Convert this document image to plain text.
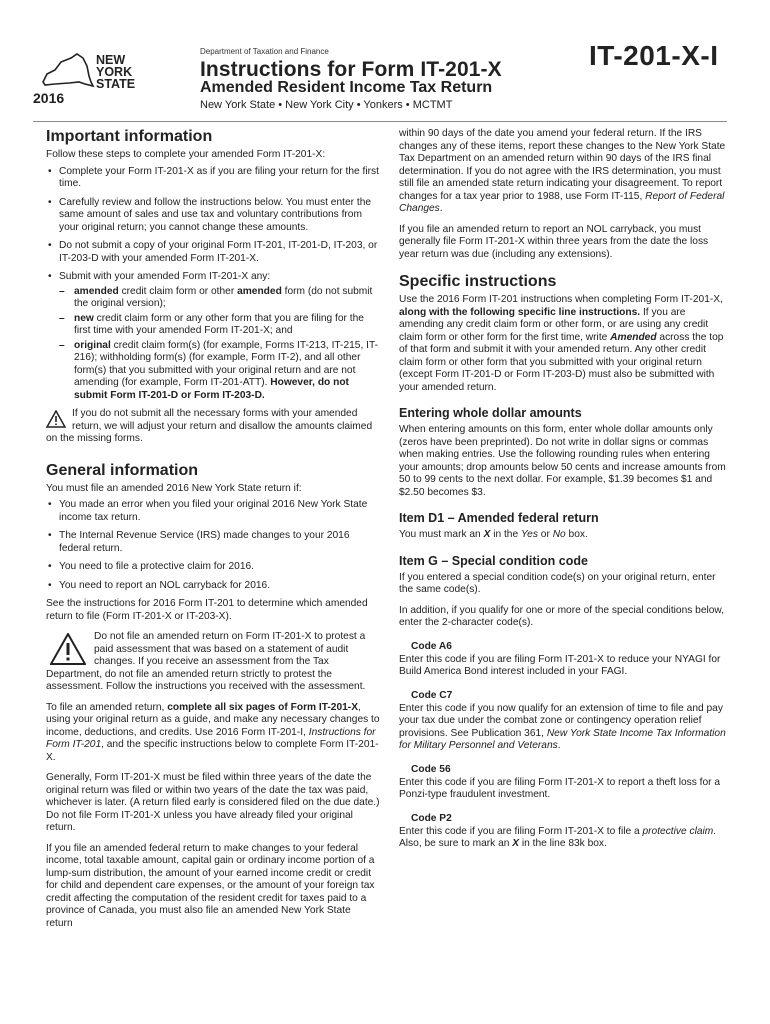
NEW
YORK
STATE
2016
Department of Taxation and Finance
Instructions for Form IT-201-X
Amended Resident Income Tax Return
New York State • New York City • Yonkers • MCTMT
IT-201-X-I
Important information

Follow these steps to complete your amended Form IT-201-X:

• Complete your Form IT-201-X as if you are filing your return for the first time.
• Carefully review and follow the instructions below. You must enter the same amount of sales and use tax and voluntary contributions from your original return; you cannot change these amounts.
• Do not submit a copy of your original Form IT-201, IT-201-D, IT-203, or IT-203-D with your amended Form IT-201-X.
• Submit with your amended Form IT-201-X any:
– amended credit claim form or other amended form (do not submit the original version);
– new credit claim form or any other form that you are filing for the first time with your amended Form IT-201-X; and
– original credit claim form(s) (for example, Forms IT-213, IT-215, IT-216); withholding form(s) (for example, Form IT-2), and all other form(s) that you submitted with your original return and are not amending (for example, Form IT-201-ATT). However, do not submit Form IT-201-D or Form IT-203-D.

If you do not submit all the necessary forms with your amended return, we will adjust your return and disallow the amounts claimed on the missing forms.

General information

You must file an amended 2016 New York State return if:

• You made an error when you filed your original 2016 New York State income tax return.
• The Internal Revenue Service (IRS) made changes to your 2016 federal return.
• You need to file a protective claim for 2016.
• You need to report an NOL carryback for 2016.

See the instructions for 2016 Form IT-201 to determine which amended return to file (Form IT-201-X or IT-203-X).

Do not file an amended return on Form IT-201-X to protest a paid assessment that was based on a statement of audit changes. If you receive an assessment from the Tax Department, do not file an amended return strictly to protest the assessment. Follow the instructions you received with the assessment.

To file an amended return, complete all six pages of Form IT-201-X, using your original return as a guide, and make any necessary changes to income, deductions, and credits. Use 2016 Form IT-201-I, Instructions for Form IT-201, and the specific instructions below to complete Form IT-201-X.

Generally, Form IT-201-X must be filed within three years of the date the original return was filed or within two years of the date the tax was paid, whichever is later. (A return filed early is considered filed on the due date.) Do not file Form IT-201-X unless you have already filed your original return.

If you file an amended federal return to make changes to your federal income, total taxable amount, capital gain or ordinary income portion of a lump-sum distribution, the amount of your earned income credit or credit for child and dependent care expenses, or the amount of your foreign tax credit affecting the computation of the resident credit for taxes paid to a province of Canada, you must also file an amended New York State return

within 90 days of the date you amend your federal return. If the IRS changes any of these items, report these changes to the New York State Tax Department on an amended return within 90 days of the IRS final determination. If you do not agree with the IRS determination, you must still file an amended state return indicating your disagreement. To report changes for a tax year prior to 1988, use Form IT-115, Report of Federal Changes.

If you file an amended return to report an NOL carryback, you must generally file Form IT-201-X within three years from the date the loss year return was due (including any extensions).

Specific instructions

Use the 2016 Form IT-201 instructions when completing Form IT-201-X, along with the following specific line instructions. If you are amending any credit claim form or other form, or are using any credit claim form or other form for the first time, write Amended across the top of that form and submit it with your amended return. Any other credit claim form or other form that you submitted with your original return (except Form IT-201-D or Form IT-203-D) must also be submitted with your amended return.

Entering whole dollar amounts

When entering amounts on this form, enter whole dollar amounts only (zeros have been preprinted). Do not write in dollar signs or commas when making entries. Use the following rounding rules when entering your amounts; drop amounts below 50 cents and increase amounts from 50 to 99 cents to the next dollar. For example, $1.39 becomes $1 and $2.50 becomes $3.

Item D1 – Amended federal return

You must mark an X in the Yes or No box.

Item G – Special condition code

If you entered a special condition code(s) on your original return, enter the same code(s).

In addition, if you qualify for one or more of the special conditions below, enter the 2-character code(s).

Code A6

Enter this code if you are filing Form IT-201-X to reduce your NYAGI for Build America Bond interest included in your FAGI.

Code C7

Enter this code if you now qualify for an extension of time to file and pay your tax due under the combat zone or contingency operation relief provisions. See Publication 361, New York State Income Tax Information for Military Personnel and Veterans.

Code 56

Enter this code if you are filing Form IT-201-X to report a theft loss for a Ponzi-type fraudulent investment.

Code P2

Enter this code if you are filing Form IT-201-X to file a protective claim. Also, be sure to mark an X in the line 83k box.
